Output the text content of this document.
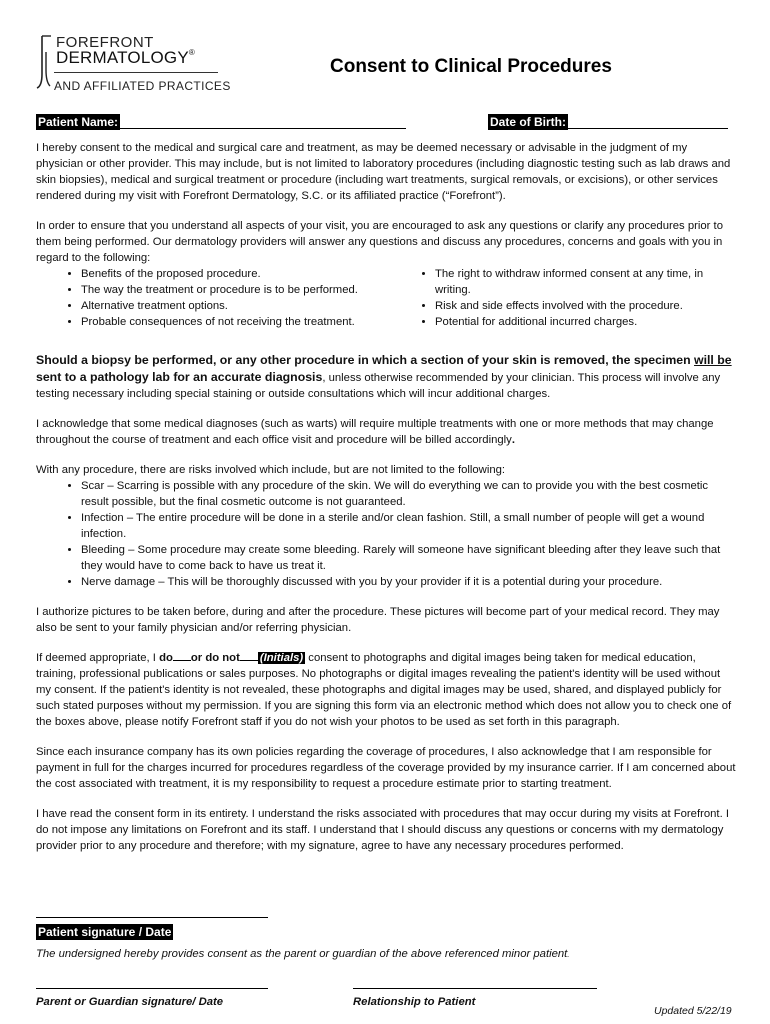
FOREFRONT
DERMATOLOGY®
AND AFFILIATED PRACTICES
Consent to Clinical Procedures
Patient Name:	Date of Birth:

I hereby consent to the medical and surgical care and treatment, as may be deemed necessary or advisable in the judgment of my physician or other provider. This may include, but is not limited to laboratory procedures (including diagnostic testing such as lab draws and skin biopsies), medical and surgical treatment or procedure (including wart treatments, surgical removals, or excisions), or other services rendered during my visit with Forefront Dermatology, S.C. or its affiliated practice (“Forefront”).

In order to ensure that you understand all aspects of your visit, you are encouraged to ask any questions or clarify any procedures prior to them being performed. Our dermatology providers will answer any questions and discuss any procedures, concerns and goals with you in regard to the following:

• Benefits of the proposed procedure.
• The way the treatment or procedure is to be performed.
• Alternative treatment options.
• Probable consequences of not receiving the treatment.
• The right to withdraw informed consent at any time, in writing.
• Risk and side effects involved with the procedure.
• Potential for additional incurred charges.

Should a biopsy be performed, or any other procedure in which a section of your skin is removed, the specimen will be
sent to a pathology lab for an accurate diagnosis, unless otherwise recommended by your clinician. This process will involve any testing necessary including special staining or outside consultations which will incur additional charges.

I acknowledge that some medical diagnoses (such as warts) will require multiple treatments with one or more methods that may change throughout the course of treatment and each office visit and procedure will be billed accordingly.

With any procedure, there are risks involved which include, but are not limited to the following:

• Scar – Scarring is possible with any procedure of the skin. We will do everything we can to provide you with the best cosmetic result possible, but the final cosmetic outcome is not guaranteed.
• Infection – The entire procedure will be done in a sterile and/or clean fashion. Still, a small number of people will get a wound infection.
• Bleeding – Some procedure may create some bleeding. Rarely will someone have significant bleeding after they leave such that they would have to come back to have us treat it.
• Nerve damage – This will be thoroughly discussed with you by your provider if it is a potential during your procedure.

I authorize pictures to be taken before, during and after the procedure. These pictures will become part of your medical record. They may also be sent to your family physician and/or referring physician.

If deemed appropriate, I do or do not (Initials) consent to photographs and digital images being taken for medical education, training, professional publications or sales purposes. No photographs or digital images revealing the patient's identity will be used without my consent. If the patient's identity is not revealed, these photographs and digital images may be used, shared, and displayed publicly for such stated purposes without my permission. If you are signing this form via an electronic method which does not allow you to check one of the boxes above, please notify Forefront staff if you do not wish your photos to be used as set forth in this paragraph.

Since each insurance company has its own policies regarding the coverage of procedures, I also acknowledge that I am responsible for payment in full for the charges incurred for procedures regardless of the coverage provided by my insurance carrier. If I am concerned about the cost associated with treatment, it is my responsibility to request a procedure estimate prior to starting treatment.

I have read the consent form in its entirety. I understand the risks associated with procedures that may occur during my visits at Forefront. I do not impose any limitations on Forefront and its staff. I understand that I should discuss any questions or concerns with my dermatology provider prior to any procedure and therefore; with my signature, agree to have any necessary procedures performed.

Patient signature / Date
The undersigned hereby provides consent as the parent or guardian of the above referenced minor patient.
Parent or Guardian signature/ Date	Relationship to Patient
Updated 5/22/19
